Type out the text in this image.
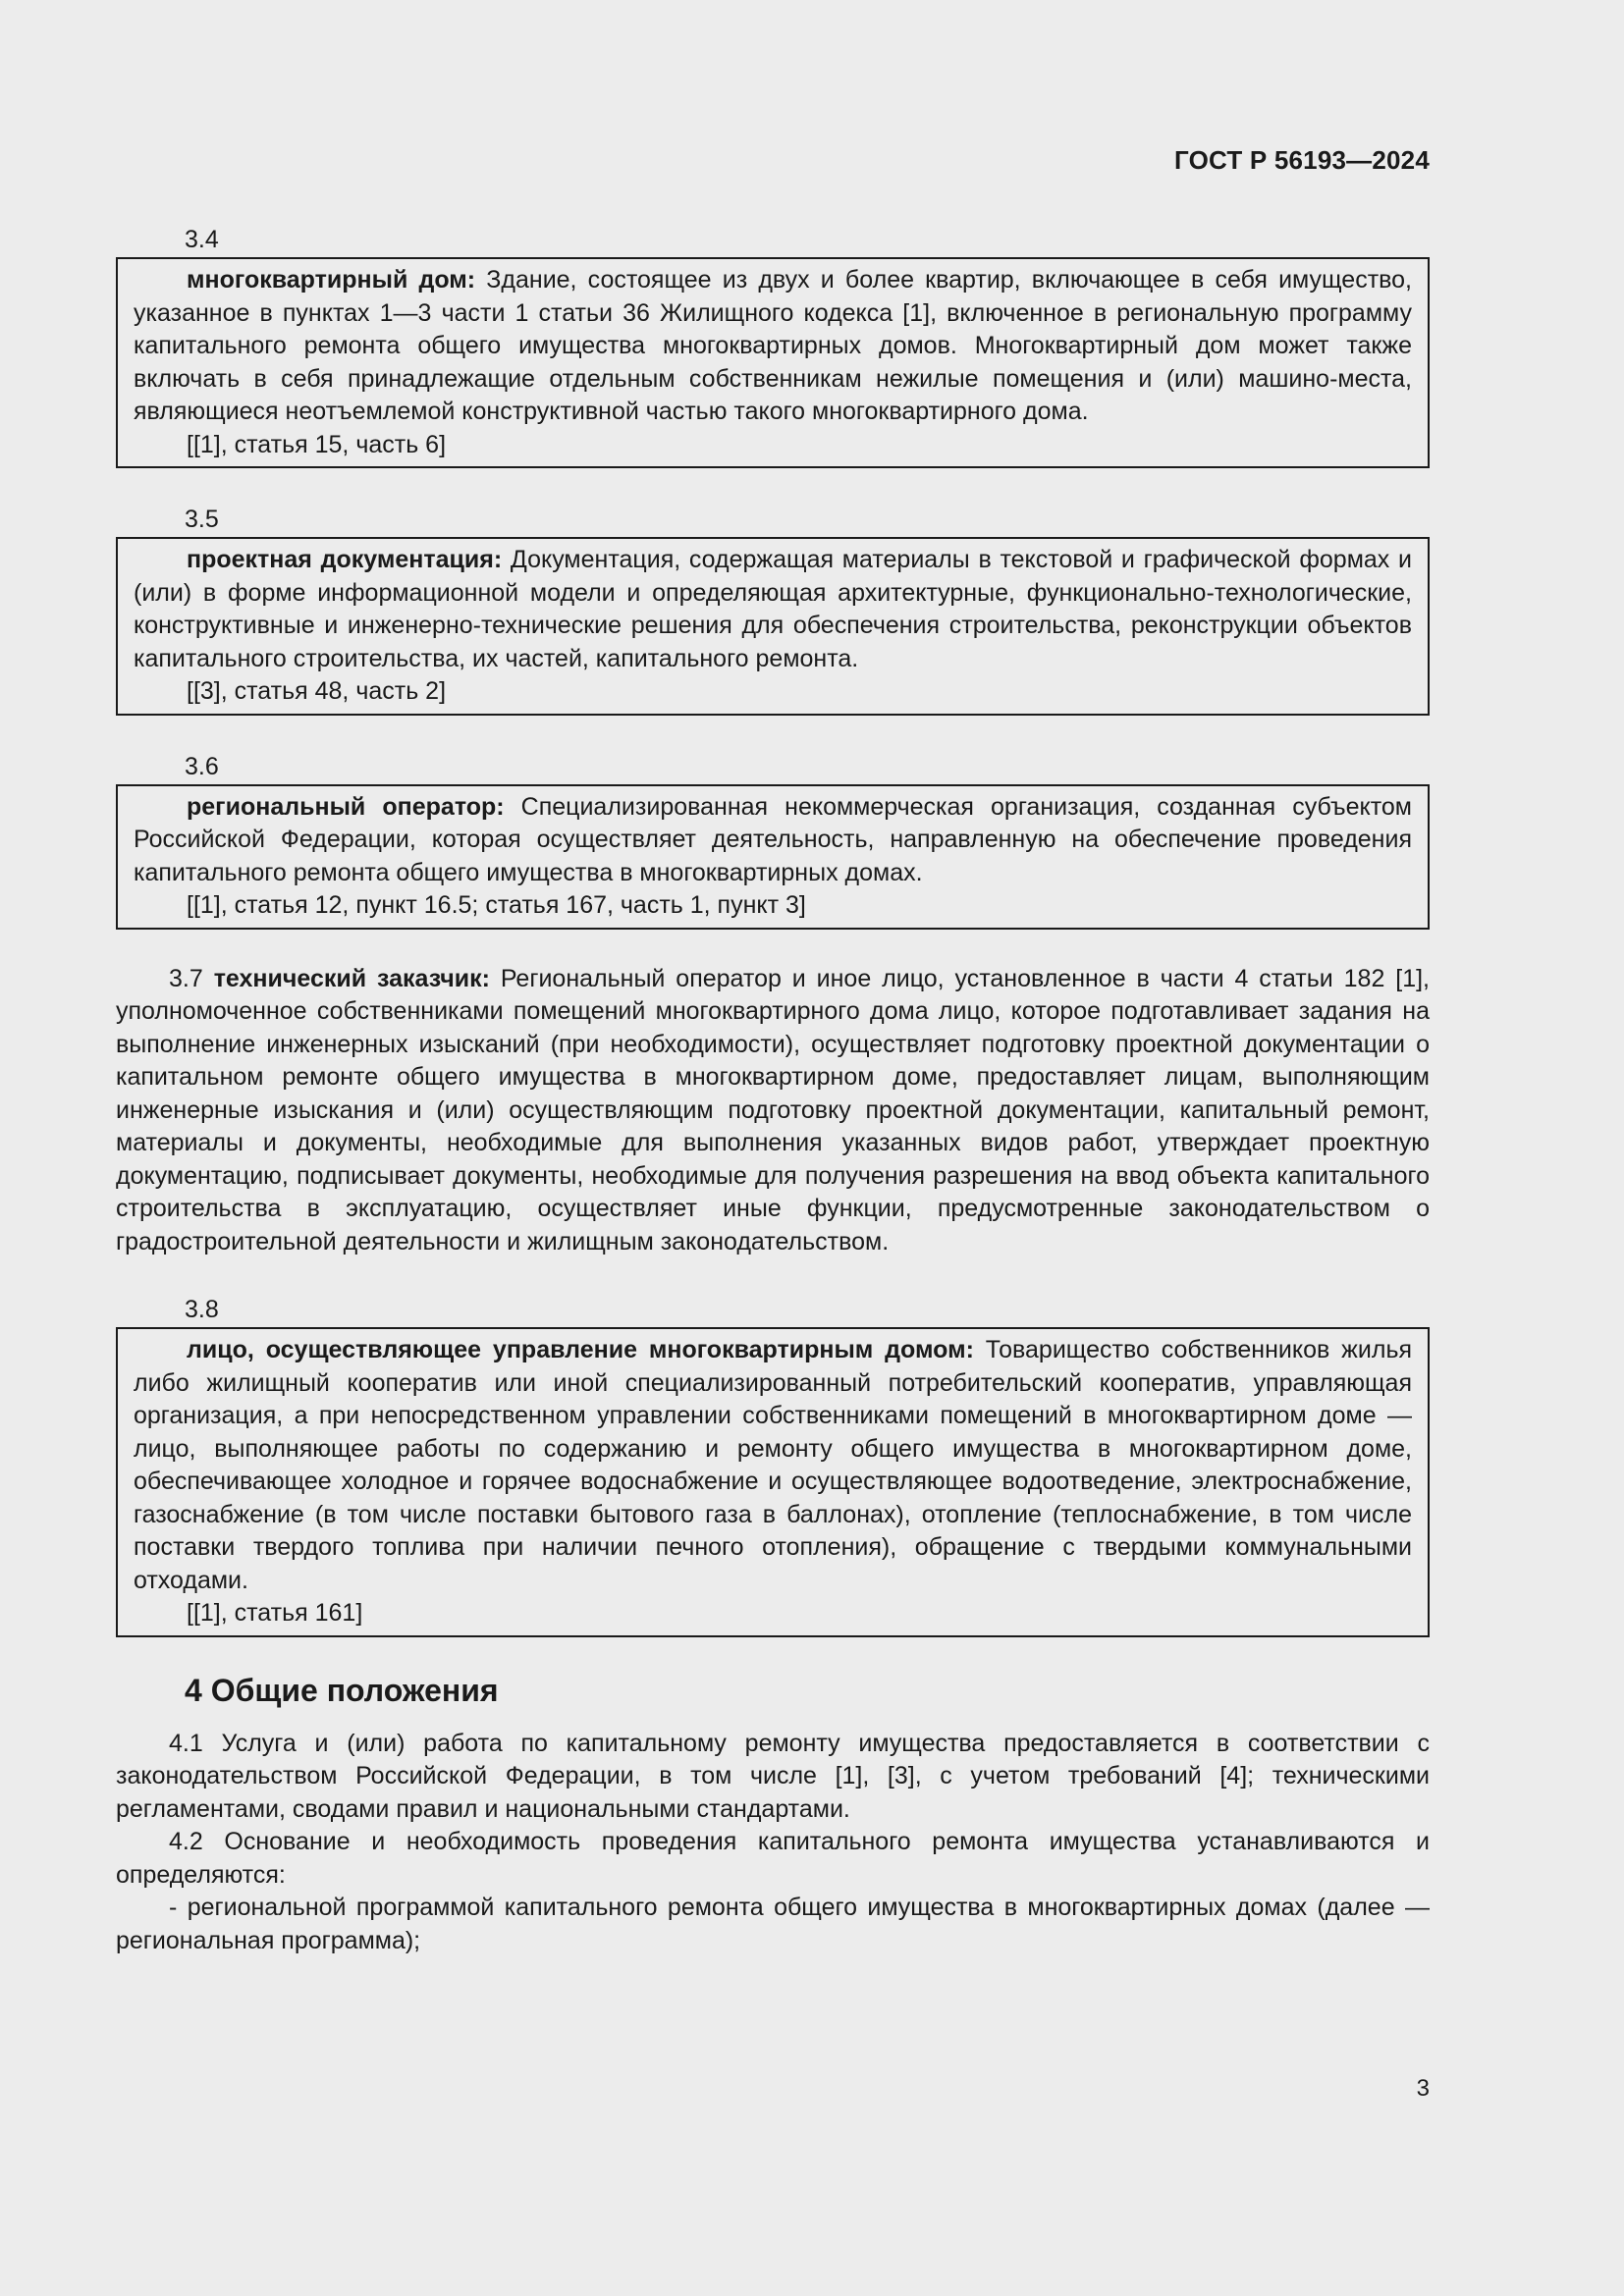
ГОСТ Р 56193—2024
3.4

многоквартирный дом: Здание, состоящее из двух и более квартир, включающее в себя имущество, указанное в пунктах 1—3 части 1 статьи 36 Жилищного кодекса [1], включенное в региональную программу капитального ремонта общего имущества многоквартирных домов. Многоквартирный дом может также включать в себя принадлежащие отдельным собственникам нежилые помещения и (или) машино-места, являющиеся неотъемлемой конструктивной частью такого многоквартирного дома.

[[1], статья 15, часть 6]

3.5

проектная документация: Документация, содержащая материалы в текстовой и графической формах и (или) в форме информационной модели и определяющая архитектурные, функционально-технологические, конструктивные и инженерно-технические решения для обеспечения строительства, реконструкции объектов капитального строительства, их частей, капитального ремонта.

[[3], статья 48, часть 2]

3.6

региональный оператор: Специализированная некоммерческая организация, созданная субъектом Российской Федерации, которая осуществляет деятельность, направленную на обеспечение проведения капитального ремонта общего имущества в многоквартирных домах.

[[1], статья 12, пункт 16.5; статья 167, часть 1, пункт 3]

3.7 технический заказчик: Региональный оператор и иное лицо, установленное в части 4 статьи 182 [1], уполномоченное собственниками помещений многоквартирного дома лицо, которое подготавливает задания на выполнение инженерных изысканий (при необходимости), осуществляет подготовку проектной документации о капитальном ремонте общего имущества в многоквартирном доме, предоставляет лицам, выполняющим инженерные изыскания и (или) осуществляющим подготовку проектной документации, капитальный ремонт, материалы и документы, необходимые для выполнения указанных видов работ, утверждает проектную документацию, подписывает документы, необходимые для получения разрешения на ввод объекта капитального строительства в эксплуатацию, осуществляет иные функции, предусмотренные законодательством о градостроительной деятельности и жилищным законодательством.

3.8

лицо, осуществляющее управление многоквартирным домом: Товарищество собственников жилья либо жилищный кооператив или иной специализированный потребительский кооператив, управляющая организация, а при непосредственном управлении собственниками помещений в многоквартирном доме — лицо, выполняющее работы по содержанию и ремонту общего имущества в многоквартирном доме, обеспечивающее холодное и горячее водоснабжение и осуществляющее водоотведение, электроснабжение, газоснабжение (в том числе поставки бытового газа в баллонах), отопление (теплоснабжение, в том числе поставки твердого топлива при наличии печного отопления), обращение с твердыми коммунальными отходами.

[[1], статья 161]

4 Общие положения

4.1 Услуга и (или) работа по капитальному ремонту имущества предоставляется в соответствии с законодательством Российской Федерации, в том числе [1], [3], с учетом требований [4]; техническими регламентами, сводами правил и национальными стандартами.

4.2 Основание и необходимость проведения капитального ремонта имущества устанавливаются и определяются:

- региональной программой капитального ремонта общего имущества в многоквартирных домах (далее — региональная программа);

3
